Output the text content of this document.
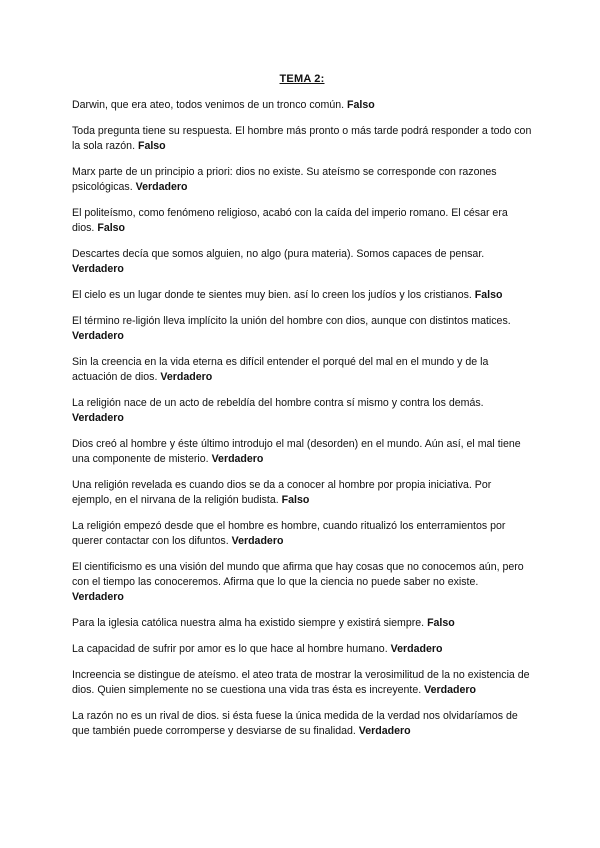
TEMA 2:

Darwin, que era ateo, todos venimos de un tronco común. Falso

Toda pregunta tiene su respuesta. El hombre más pronto o más tarde podrá responder a todo con la sola razón. Falso

Marx parte de un principio a priori: dios no existe. Su ateísmo se corresponde con razones psicológicas. Verdadero

El politeísmo, como fenómeno religioso, acabó con la caída del imperio romano. El césar era dios. Falso

Descartes decía que somos alguien, no algo (pura materia). Somos capaces de pensar. Verdadero

El cielo es un lugar donde te sientes muy bien. así lo creen los judíos y los cristianos. Falso

El término re-ligión lleva implícito la unión del hombre con dios, aunque con distintos matices. Verdadero

Sin la creencia en la vida eterna es difícil entender el porqué del mal en el mundo y de la actuación de dios. Verdadero

La religión nace de un acto de rebeldía del hombre contra sí mismo y contra los demás. Verdadero

Dios creó al hombre y éste último introdujo el mal (desorden) en el mundo. Aún así, el mal tiene una componente de misterio. Verdadero

Una religión revelada es cuando dios se da a conocer al hombre por propia iniciativa. Por ejemplo, en el nirvana de la religión budista. Falso

La religión empezó desde que el hombre es hombre, cuando ritualizó los enterramientos por querer contactar con los difuntos. Verdadero

El cientificismo es una visión del mundo que afirma que hay cosas que no conocemos aún, pero con el tiempo las conoceremos. Afirma que lo que la ciencia no puede saber no existe. Verdadero

Para la iglesia católica nuestra alma ha existido siempre y existirá siempre. Falso

La capacidad de sufrir por amor es lo que hace al hombre humano. Verdadero

Increencia se distingue de ateísmo. el ateo trata de mostrar la verosimilitud de la no existencia de dios. Quien simplemente no se cuestiona una vida tras ésta es increyente. Verdadero

La razón no es un rival de dios. si ésta fuese la única medida de la verdad nos olvidaríamos de que también puede corromperse y desviarse de su finalidad. Verdadero
